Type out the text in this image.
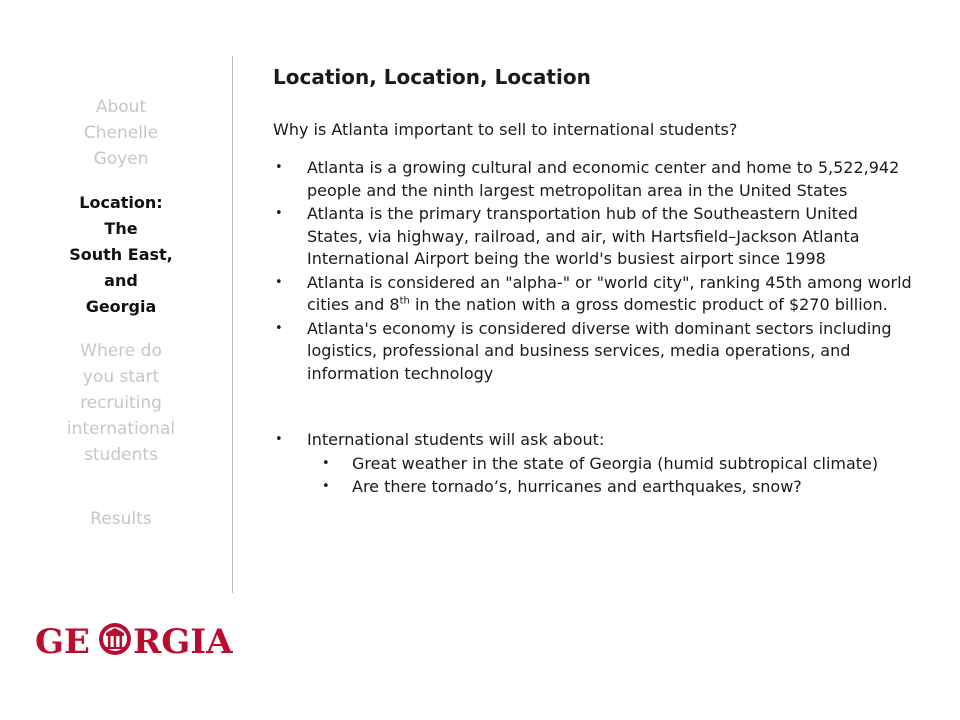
About
Chenelle
Goyen
Location:
The
South East,
and
Georgia
Where do
you start
recruiting
international
students
Results
Location, Location, Location
Why is Atlanta important to sell to international students?
• Atlanta is a growing cultural and economic center and home to 5,522,942 people and the ninth largest metropolitan area in the United States
• Atlanta is the primary transportation hub of the Southeastern United States, via highway, railroad, and air, with Hartsfield–Jackson Atlanta International Airport being the world's busiest airport since 1998
• Atlanta is considered an "alpha-" or "world city", ranking 45th among world cities and 8th in the nation with a gross domestic product of $270 billion.
• Atlanta's economy is considered diverse with dominant sectors including logistics, professional and business services, media operations, and information technology
• International students will ask about:
• Great weather in the state of Georgia (humid subtropical climate)
• Are there tornado’s, hurricanes and earthquakes, snow?
GE RGIA
